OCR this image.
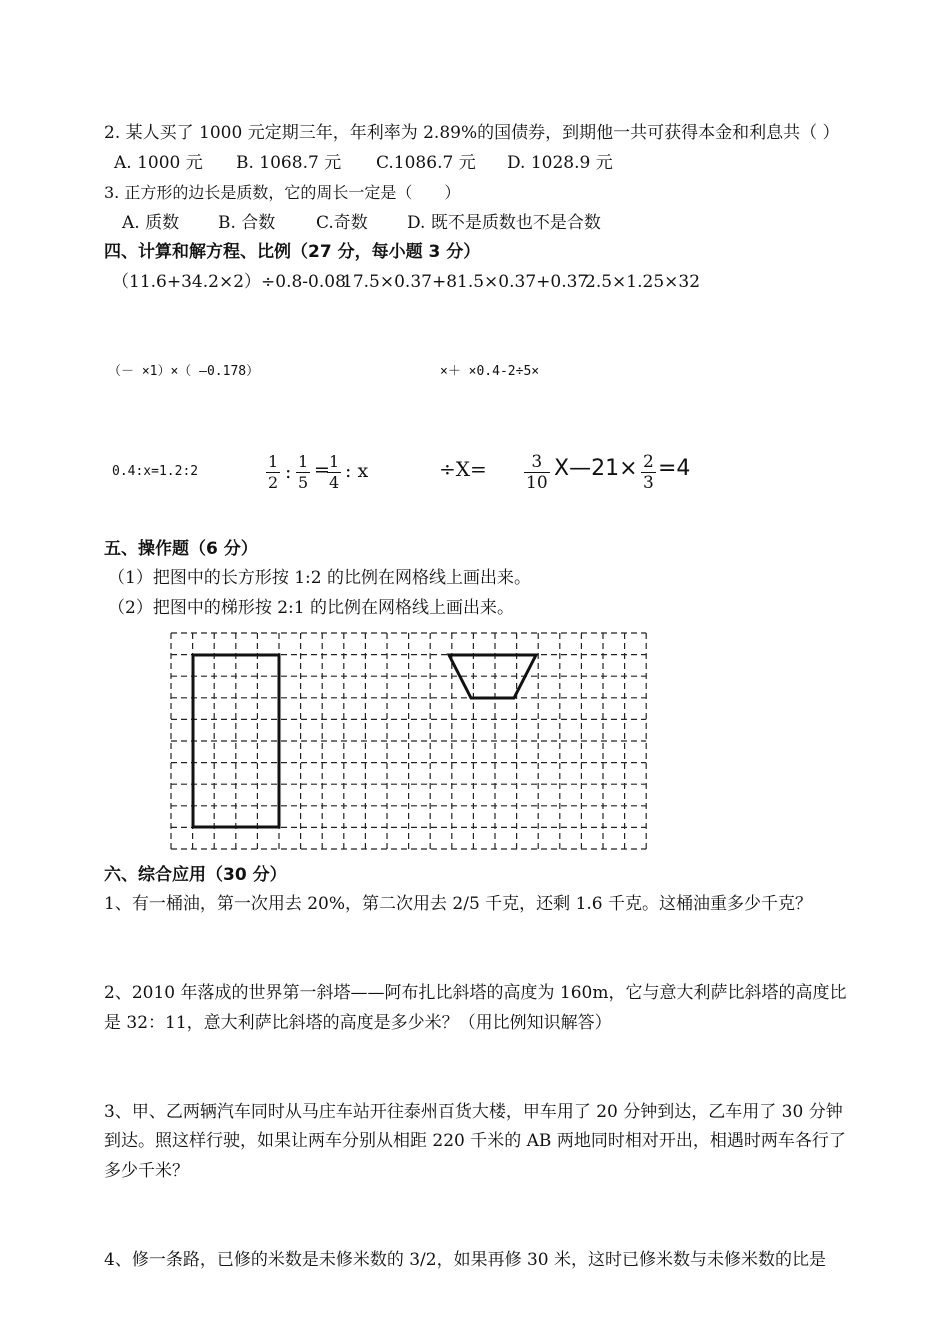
2. 某人买了 1000 元定期三年，年利率为 2.89%的国债券，到期他一共可获得本金和利息共（ ）
A. 1000 元 B. 1068.7 元 C.1086.7 元 D. 1028.9 元
3. 正方形的边长是质数，它的周长一定是（　　）
A. 质数 B. 合数 C.奇数 D. 既不是质数也不是合数
四、计算和解方程、比例（27 分，每小题 3 分）
（11.6+34.2×2）÷0.8-0.08
17.5×0.37+81.5×0.37+0.37
2.5×1.25×32
（－ ×1）×（ —0.178）	×＋ ×0.4-2÷5×
0.4:x=1.2:2	$\frac{1}{2}$ : $\frac{1}{5}$ =
$\frac{1}{4}$ : x	$\div X= \frac{3}{10}$ X—21× $\frac{2}{3} =4$
五、操作题（6 分）
（1）把图中的长方形按 1:2 的比例在网格线上画出来。
（2）把图中的梯形按 2:1 的比例在网格线上画出来。
六、综合应用（30 分）
1、有一桶油，第一次用去 20%，第二次用去 2/5 千克，还剩 1.6 千克。这桶油重多少千克？
2、2010 年落成的世界第一斜塔——阿布扎比斜塔的高度为 160m，它与意大利萨比斜塔的高度比
是 32：11，意大利萨比斜塔的高度是多少米？（用比例知识解答）
3、甲、乙两辆汽车同时从马庄车站开往泰州百货大楼，甲车用了 20 分钟到达，乙车用了 30 分钟
到达。照这样行驶，如果让两车分别从相距 220 千米的 AB 两地同时相对开出，相遇时两车各行了
多少千米？
4、修一条路，已修的米数是未修米数的 3/2，如果再修 30 米，这时已修米数与未修米数的比是
